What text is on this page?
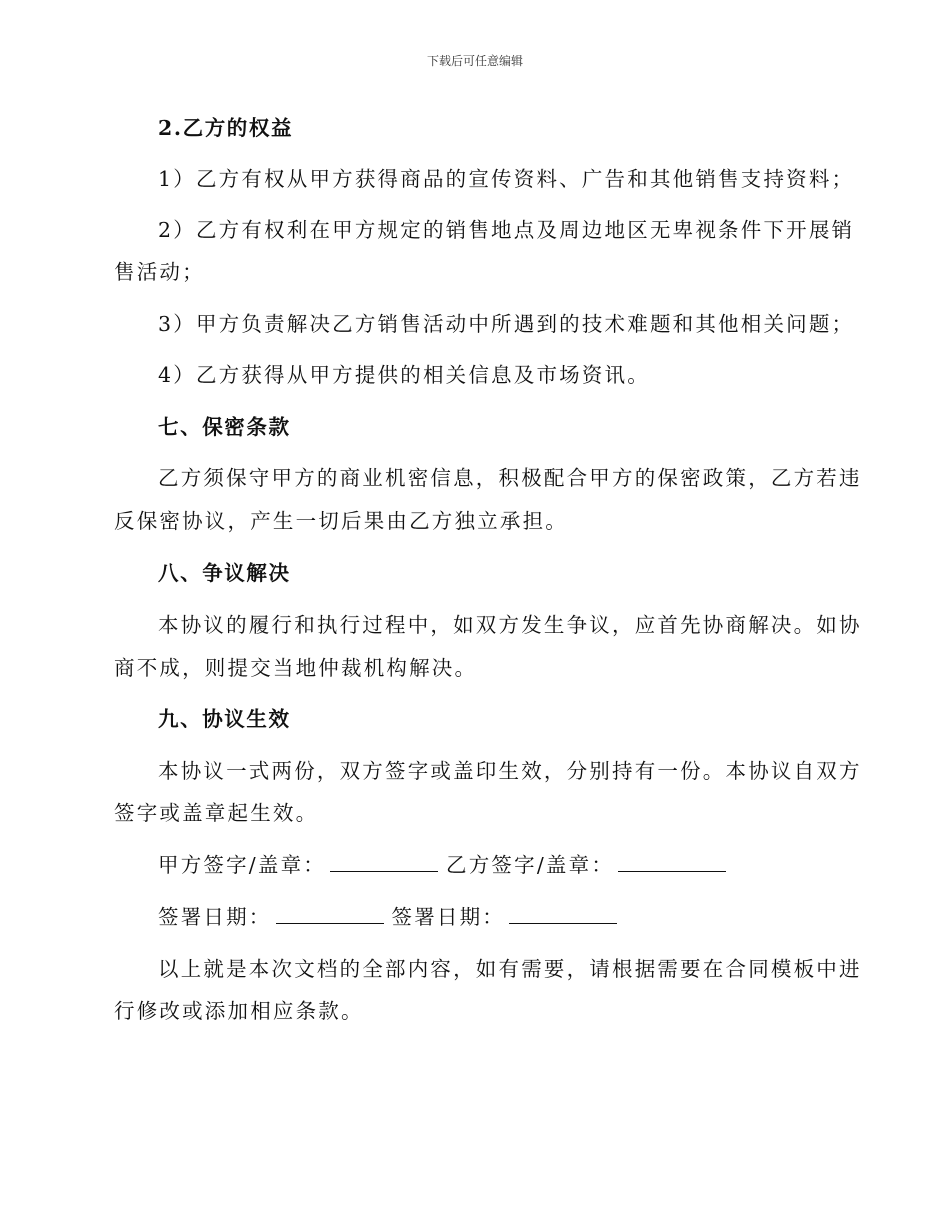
下载后可任意编辑
2.乙方的权益
1）乙方有权从甲方获得商品的宣传资料、广告和其他销售支持资料；
2）乙方有权利在甲方规定的销售地点及周边地区无卑视条件下开展销
售活动；
3）甲方负责解决乙方销售活动中所遇到的技术难题和其他相关问题；
4）乙方获得从甲方提供的相关信息及市场资讯。
七、保密条款
乙方须保守甲方的商业机密信息，积极配合甲方的保密政策，乙方若违
反保密协议，产生一切后果由乙方独立承担。
八、争议解决
本协议的履行和执行过程中，如双方发生争议，应首先协商解决。如协
商不成，则提交当地仲裁机构解决。
九、协议生效
本协议一式两份，双方签字或盖印生效，分别持有一份。本协议自双方
签字或盖章起生效。
甲方签字/盖章：	乙方签字/盖章：
签署日期：	签署日期：
以上就是本次文档的全部内容，如有需要，请根据需要在合同模板中进
行修改或添加相应条款。
